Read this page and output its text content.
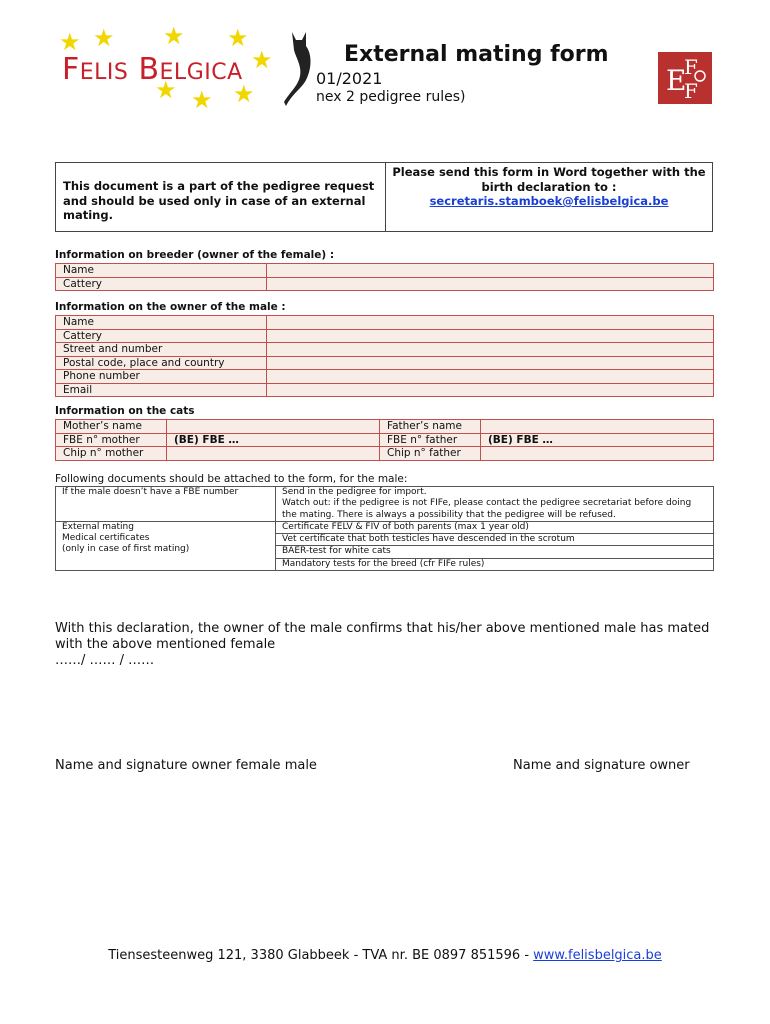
★ ★ ★ ★
★
★ ★ ★
FELIS BELGICA
External mating form
01/2021
nex 2 pedigree rules)	E
F
F
This document is a part of the pedigree request and should be used only in case of an external mating.
Please send this form in Word together with the birth declaration to :
secretaris.stamboek@felisbelgica.be
Information on breeder (owner of the female) :
Name	
Cattery	
Information on the owner of the male :
Name	
Cattery	
Street and number	
Postal code, place and country	
Phone number	
Email	
Information on the cats
Mother’s name		Father’s name	
FBE n° mother	(BE) FBE …	FBE n° father	(BE) FBE …
Chip n° mother		Chip n° father	
Following documents should be attached to the form, for the male:
If the male doesn’t have a FBE number	Send in the pedigree for import.
Watch out: if the pedigree is not FIFe, please contact the pedigree secretariat before doing the mating. There is always a possibility that the pedigree will be refused.

External mating
Medical certificates
(only in case of first mating)	Certificate FELV & FIV of both parents (max 1 year old)
	Vet certificate that both testicles have descended in the scrotum
	BAER-test for white cats
	Mandatory tests for the breed (cfr FIFe rules)
With this declaration, the owner of the male confirms that his/her above mentioned male has mated with the above mentioned female
……/ …… / ……
Name and signature owner female male	Name and signature owner
Tiensesteenweg 121, 3380 Glabbeek - TVA nr. BE 0897 851596 - www.felisbelgica.be
